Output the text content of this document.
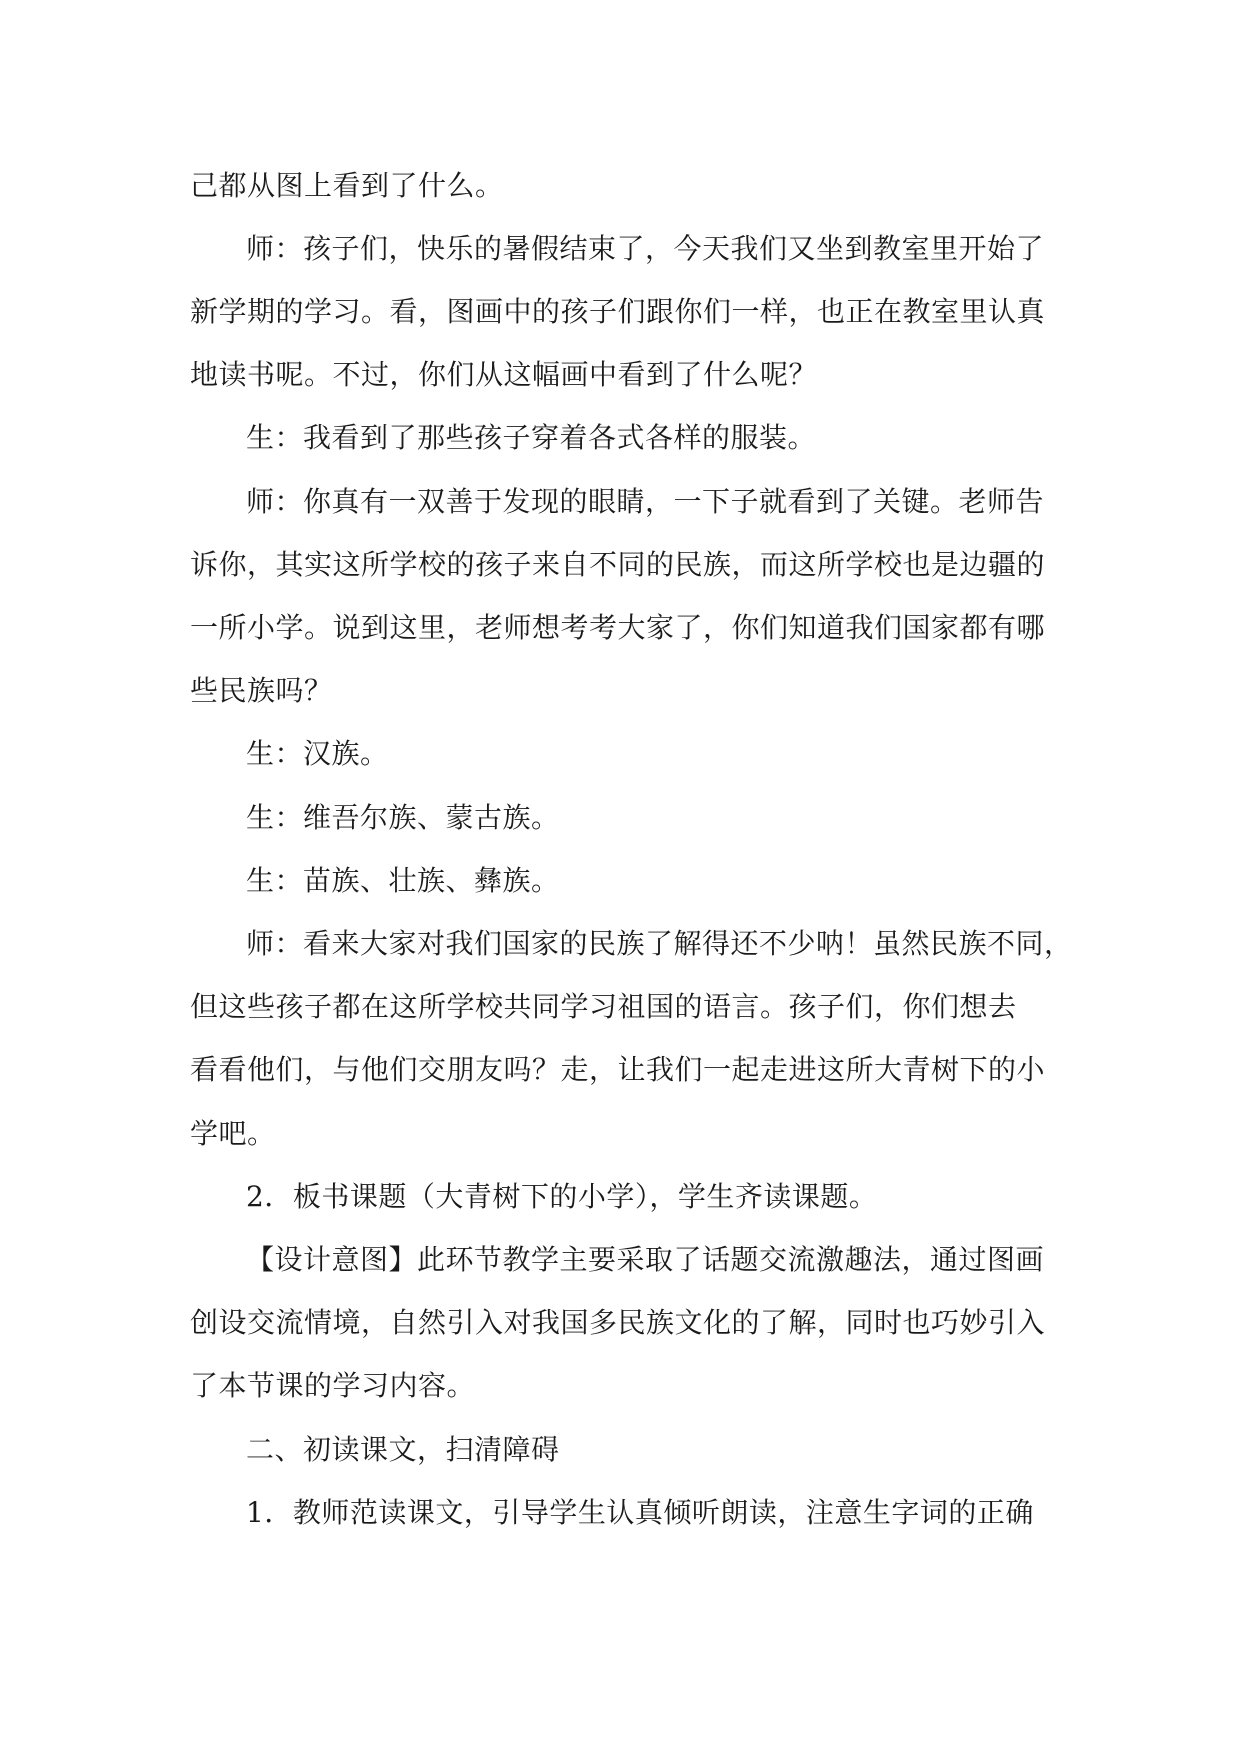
己都从图上看到了什么。
师：孩子们，快乐的暑假结束了，今天我们又坐到教室里开始了
新学期的学习。看，图画中的孩子们跟你们一样，也正在教室里认真
地读书呢。不过，你们从这幅画中看到了什么呢？
生：我看到了那些孩子穿着各式各样的服装。
师：你真有一双善于发现的眼睛，一下子就看到了关键。老师告
诉你，其实这所学校的孩子来自不同的民族，而这所学校也是边疆的
一所小学。说到这里，老师想考考大家了，你们知道我们国家都有哪
些民族吗？
生：汉族。
生：维吾尔族、蒙古族。
生：苗族、壮族、彝族。
师：看来大家对我们国家的民族了解得还不少呐！虽然民族不同，
但这些孩子都在这所学校共同学习祖国的语言。孩子们，你们想去
看看他们，与他们交朋友吗？走，让我们一起走进这所大青树下的小
学吧。
2．板书课题（大青树下的小学），学生齐读课题。
【设计意图】此环节教学主要采取了话题交流激趣法，通过图画
创设交流情境，自然引入对我国多民族文化的了解，同时也巧妙引入
了本节课的学习内容。
二、初读课文，扫清障碍
1．教师范读课文，引导学生认真倾听朗读，注意生字词的正确
